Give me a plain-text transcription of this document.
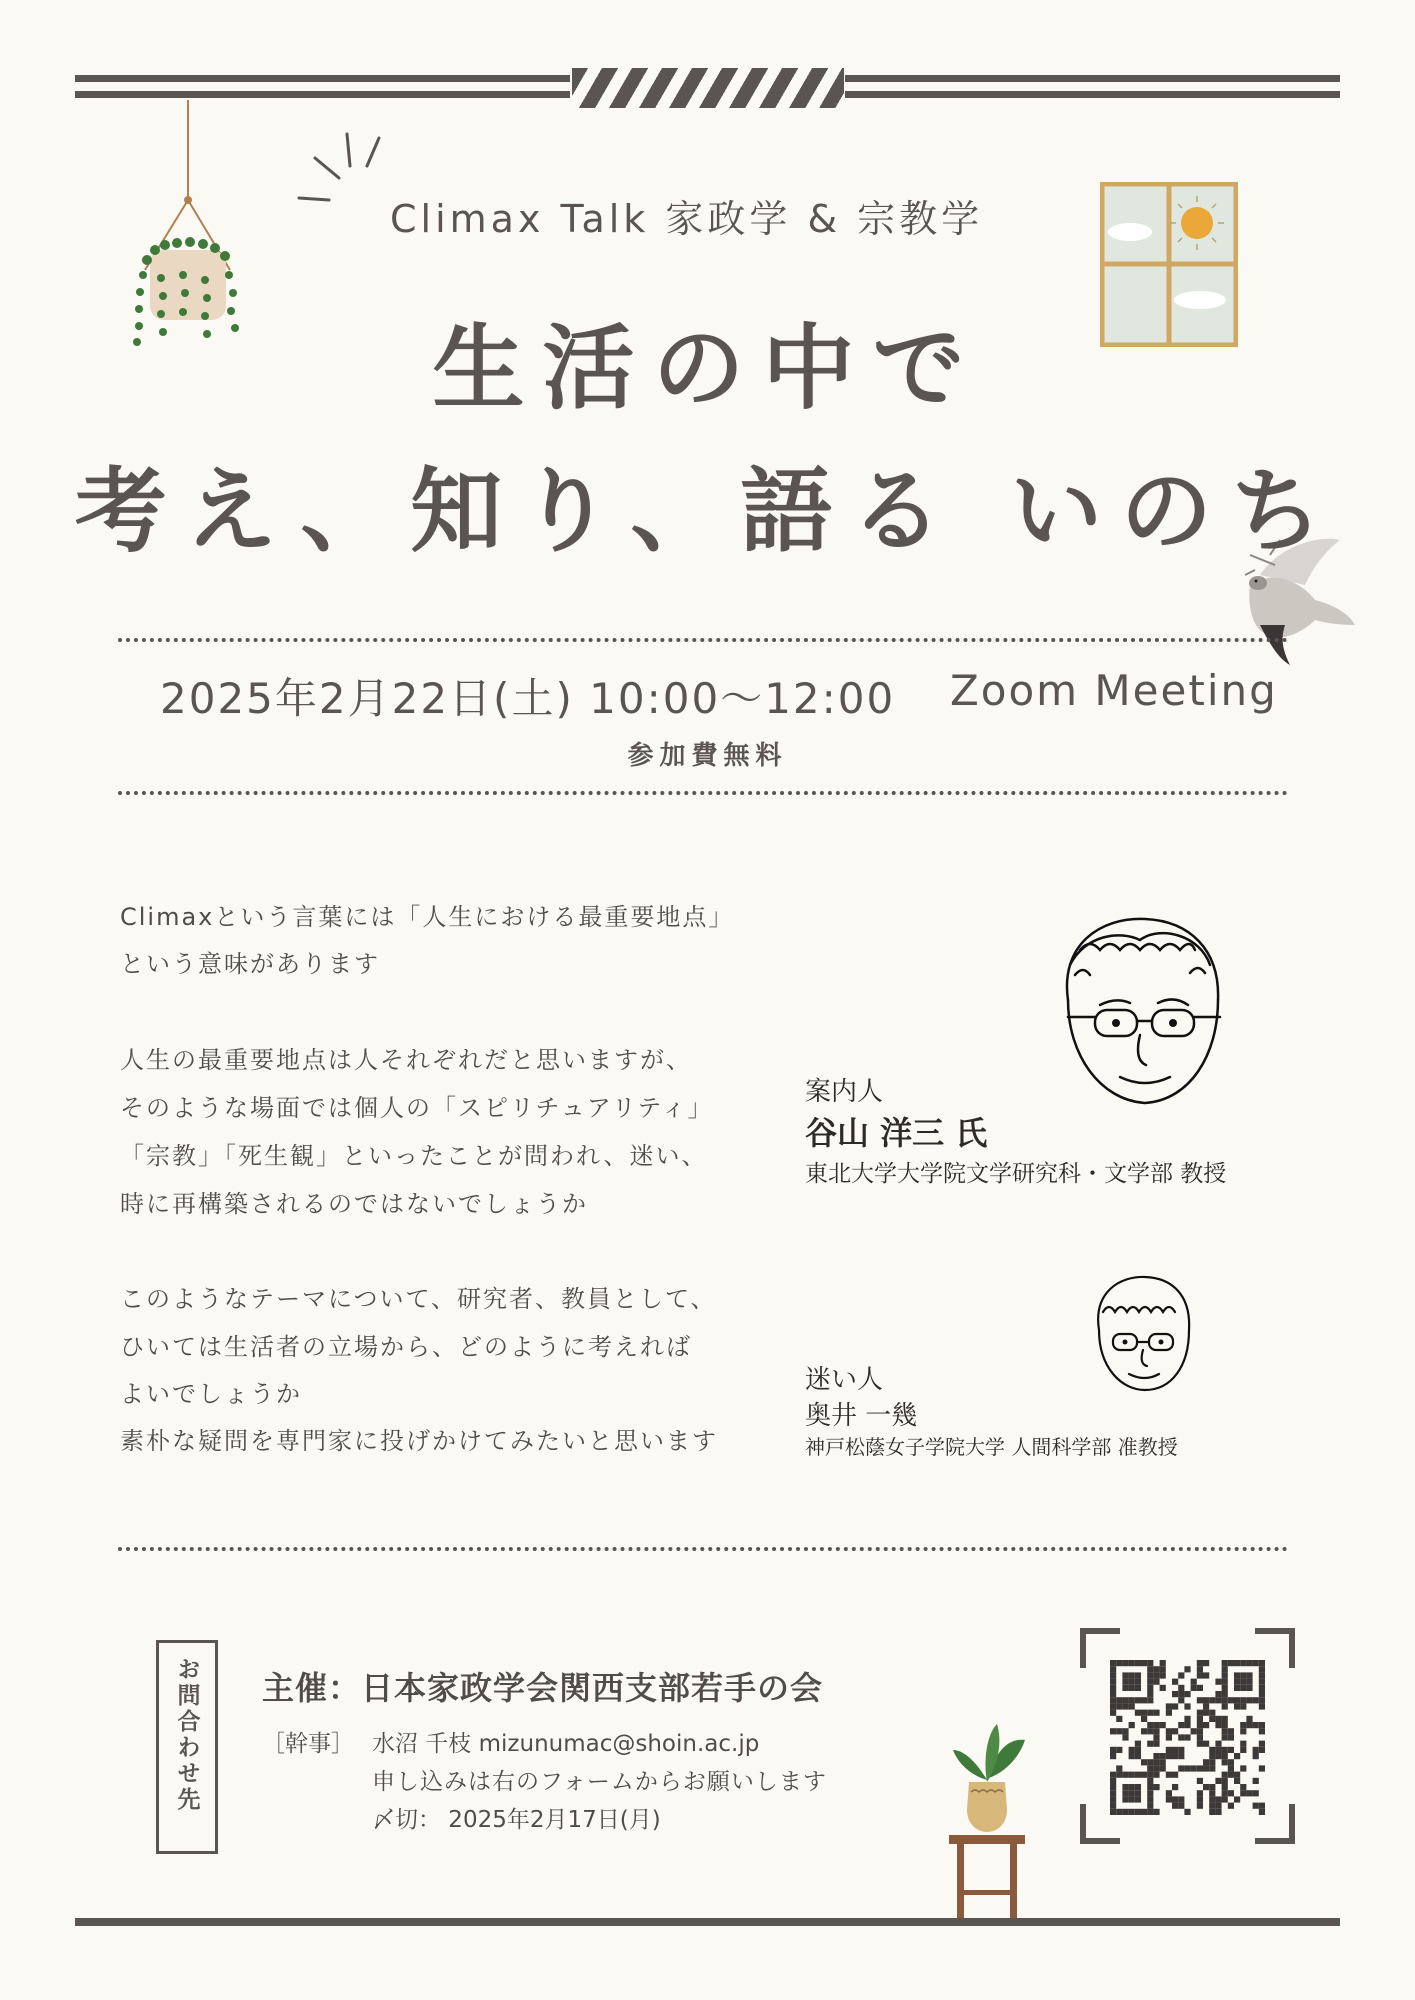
Climax Talk 家政学 & 宗教学
生活の中で
考え、知り、語る いのち
2025年2月22日(土) 10:00〜12:00 Zoom Meeting
参加費無料
Climaxという言葉には「人生における最重要地点」
という意味があります
人生の最重要地点は人それぞれだと思いますが、
そのような場面では個人の「スピリチュアリティ」
「宗教」「死生観」といったことが問われ、迷い、
時に再構築されるのではないでしょうか
このようなテーマについて、研究者、教員として、
ひいては生活者の立場から、どのように考えれば
よいでしょうか
素朴な疑問を専門家に投げかけてみたいと思います
案内人
谷山 洋三 氏
東北大学大学院文学研究科・文学部 教授
迷い人
奥井 一幾
神戸松蔭女子学院大学 人間科学部 准教授
お問合わせ先 主催：日本家政学会関西支部若手の会
［幹事］ 水沼 千枝 mizunumac@shoin.ac.jp
申し込みは右のフォームからお願いします
〆切： 2025年2月17日(月)
